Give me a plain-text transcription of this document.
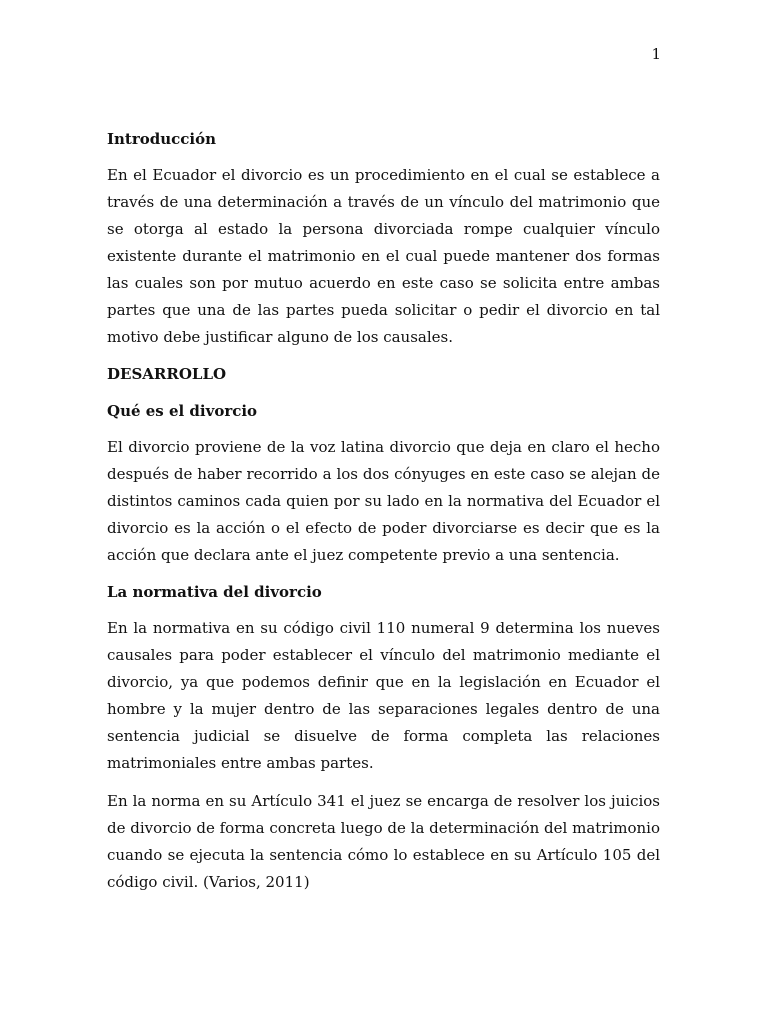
1

Introducción

En el Ecuador el divorcio es un procedimiento en el cual se establece a través de una determinación a través de un vínculo del matrimonio que se otorga al estado la persona divorciada rompe cualquier vínculo existente durante el matrimonio en el cual puede mantener dos formas las cuales son por mutuo acuerdo en este caso se solicita entre ambas partes que una de las partes pueda solicitar o pedir el divorcio en tal motivo debe justificar alguno de los causales.

DESARROLLO

Qué es el divorcio

El divorcio proviene de la voz latina divorcio que deja en claro el hecho después de haber recorrido a los dos cónyuges en este caso se alejan de distintos caminos cada quien por su lado en la normativa del Ecuador el divorcio es la acción o el efecto de poder divorciarse es decir que es la acción que declara ante el juez competente previo a una sentencia.

La normativa del divorcio

En la normativa en su código civil 110 numeral 9 determina los nueves causales para poder establecer el vínculo del matrimonio mediante el divorcio, ya que podemos definir que en la legislación en Ecuador el hombre y la mujer dentro de las separaciones legales dentro de una sentencia judicial se disuelve de forma completa las relaciones matrimoniales entre ambas partes.

En la norma en su Artículo 341 el juez se encarga de resolver los juicios de divorcio de forma concreta luego de la determinación del matrimonio cuando se ejecuta la sentencia cómo lo establece en su Artículo 105 del código civil. (Varios, 2011)
